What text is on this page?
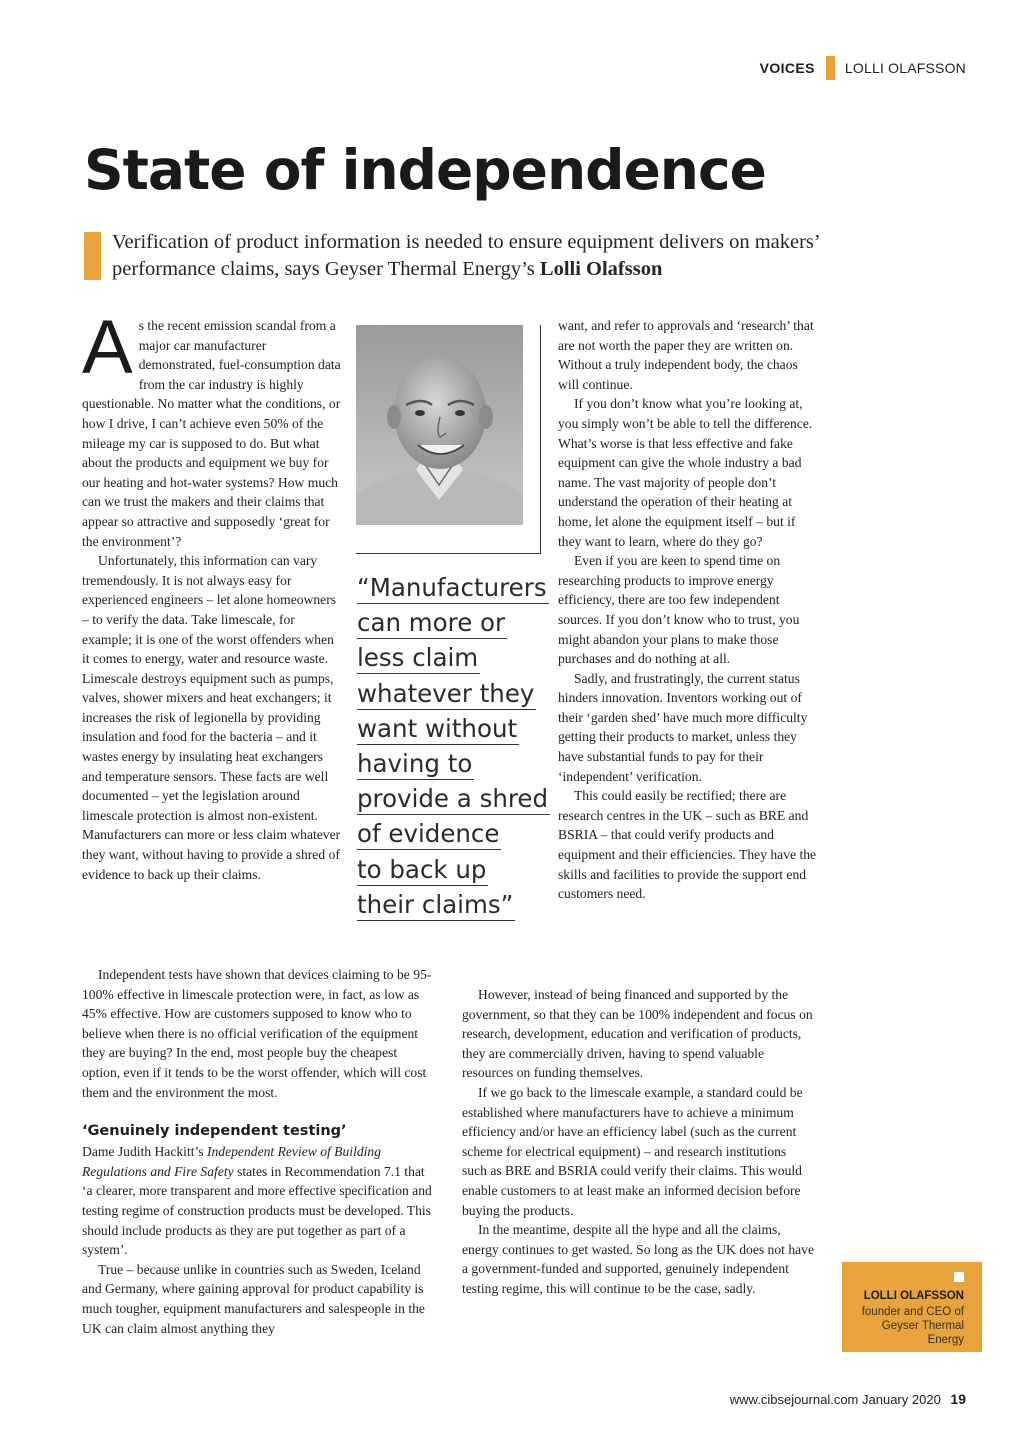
VOICES LOLLI OLAFSSON
State of independence
Verification of product information is needed to ensure equipment delivers on makers’ performance claims, says Geyser Thermal Energy’s Lolli Olafsson

As the recent emission scandal from a major car manufacturer demonstrated, fuel-consumption data from the car industry is highly questionable. No matter what the conditions, or how I drive, I can’t achieve even 50% of the mileage my car is supposed to do. But what about the products and equipment we buy for our heating and hot-water systems? How much can we trust the makers and their claims that appear so attractive and supposedly ‘great for the environment’?

Unfortunately, this information can vary tremendously. It is not always easy for experienced engineers – let alone homeowners – to verify the data. Take limescale, for example; it is one of the worst offenders when it comes to energy, water and resource waste. Limescale destroys equipment such as pumps, valves, shower mixers and heat exchangers; it increases the risk of legionella by providing insulation and food for the bacteria – and it wastes energy by insulating heat exchangers and temperature sensors. These facts are well documented – yet the legislation around limescale protection is almost non-existent. Manufacturers can more or less claim whatever they want, without having to provide a shred of evidence to back up their claims.

Independent tests have shown that devices claiming to be 95-100% effective in limescale protection were, in fact, as low as 45% effective. How are customers supposed to know who to believe when there is no official verification of the equipment they are buying? In the end, most people buy the cheapest option, even if it tends to be the worst offender, which will cost them and the environment the most.

‘Genuinely independent testing’

Dame Judith Hackitt’s Independent Review of Building Regulations and Fire Safety states in Recommendation 7.1 that ‘a clearer, more transparent and more effective specification and testing regime of construction products must be developed. This should include products as they are put together as part of a system’.

True – because unlike in countries such as Sweden, Iceland and Germany, where gaining approval for product capability is much tougher, equipment manufacturers and salespeople in the UK can claim almost anything they

“Manufacturers
can more or
less claim
whatever they
want without
having to
provide a shred
of evidence
to back up
their claims”

want, and refer to approvals and ‘research’ that are not worth the paper they are written on. Without a truly independent body, the chaos will continue.

If you don’t know what you’re looking at, you simply won’t be able to tell the difference. What’s worse is that less effective and fake equipment can give the whole industry a bad name. The vast majority of people don’t understand the operation of their heating at home, let alone the equipment itself – but if they want to learn, where do they go?

Even if you are keen to spend time on researching products to improve energy efficiency, there are too few independent sources. If you don’t know who to trust, you might abandon your plans to make those purchases and do nothing at all.

Sadly, and frustratingly, the current status hinders innovation. Inventors working out of their ‘garden shed’ have much more difficulty getting their products to market, unless they have substantial funds to pay for their ‘independent’ verification.

This could easily be rectified; there are research centres in the UK – such as BRE and BSRIA – that could verify products and equipment and their efficiencies. They have the skills and facilities to provide the support end customers need.

However, instead of being financed and supported by the government, so that they can be 100% independent and focus on research, development, education and verification of products, they are commercially driven, having to spend valuable resources on funding themselves.

If we go back to the limescale example, a standard could be established where manufacturers have to achieve a minimum efficiency and/or have an efficiency label (such as the current scheme for electrical equipment) – and research institutions such as BRE and BSRIA could verify their claims. This would enable customers to at least make an informed decision before buying the products.

In the meantime, despite all the hype and all the claims, energy continues to get wasted. So long as the UK does not have a government-funded and supported, genuinely independent testing regime, this will continue to be the case, sadly.

LOLLI OLAFSSON
founder and CEO of Geyser Thermal Energy
www.cibsejournal.com January 2020 19
